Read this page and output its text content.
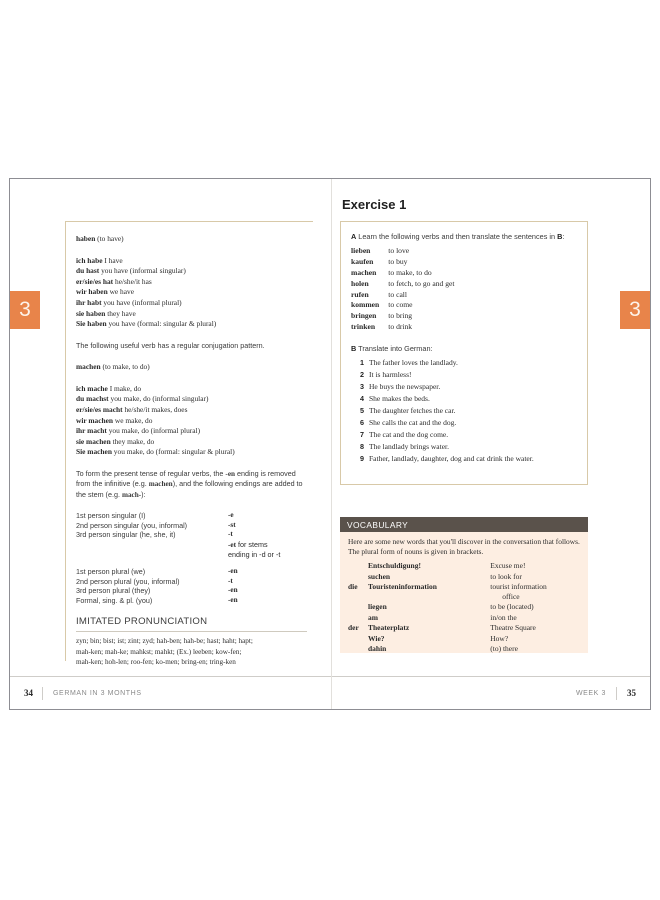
3
haben (to have)
ich habe I have
du hast you have (informal singular)
er/sie/es hat he/she/it has
wir haben we have
ihr habt you have (informal plural)
sie haben they have
Sie haben you have (formal: singular & plural)
The following useful verb has a regular conjugation pattern.
machen (to make, to do)
ich mache I make, do
du machst you make, do (informal singular)
er/sie/es macht he/she/it makes, does
wir machen we make, do
ihr macht you make, do (informal plural)
sie machen they make, do
Sie machen you make, do (formal: singular & plural)
To form the present tense of regular verbs, the -en ending is removed from the infinitive (e.g. machen), and the following endings are added to the stem (e.g. mach-):
1st person singular (I)	-e
2nd person singular (you, informal)	-st
3rd person singular (he, she, it)	-t
	-et for stems
	ending in -d or -t
1st person plural (we)	-en
2nd person plural (you, informal)	-t
3rd person plural (they)	-en
Formal, sing. & pl. (you)	-en
IMITATED PRONUNCIATION
zyn; bin; bist; ist; zint; zyd; hah-ben; hah-be; hast; haht; hapt;
mah-ken; mah-ke; mahkst; mahkt; (Ex.) leeben; kow-fen;
mah-ken; hoh-len; roo-fen; ko-men; bring-en; tring-ken
34	GERMAN IN 3 MONTHS
3
Exercise 1
A Learn the following verbs and then translate the sentences in B:
lieben	to love
kaufen	to buy
machen	to make, to do
holen	to fetch, to go and get
rufen	to call
kommen	to come
bringen	to bring
trinken	to drink
B Translate into German:
1	The father loves the landlady.
2	It is harmless!
3	He buys the newspaper.
4	She makes the beds.
5	The daughter fetches the car.
6	She calls the cat and the dog.
7	The cat and the dog come.
8	The landlady brings water.
9	Father, landlady, daughter, dog and cat drink the water.
VOCABULARY
Here are some new words that you'll discover in the conversation that follows. The plural form of nouns is given in brackets.
	Entschuldigung!	Excuse me!
	suchen	to look for
die	Touristeninformation	tourist information
office

	liegen	to be (located)
	am	in/on the
der	Theaterplatz	Theatre Square
	Wie?	How?
	dahin	(to) there
WEEK 3	35
